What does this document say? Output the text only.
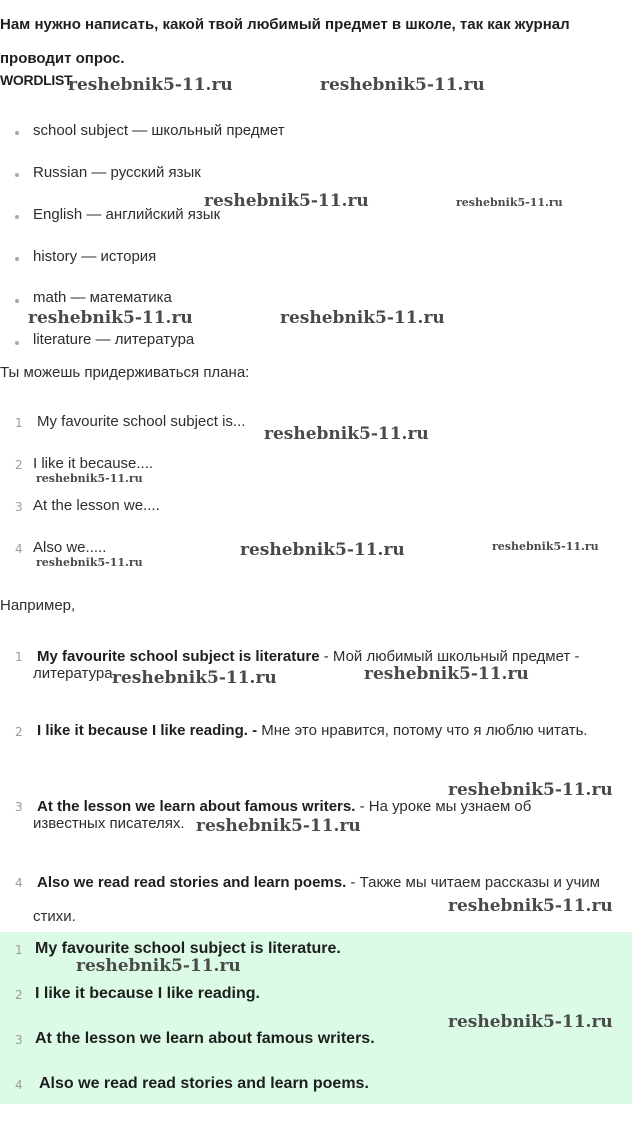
Нам нужно написать, какой твой любимый предмет в школе, так как журнал проводит опрос.
WORDLIST
school subject — школьный предмет
Russian — русский язык
English — английский язык
history — история
math — математика
literature — литература
Ты можешь придерживаться плана:
1 My favourite school subject is...
2 I like it because....
3 At the lesson we....
4 Also we.....
Например,
1 My favourite school subject is literature - Мой любимый школьный предмет - литература.
2 I like it because I like reading. - Мне это нравится, потому что я люблю читать.
3 At the lesson we learn about famous writers. - На уроке мы узнаем об известных писателях.
4 Also we read read stories and learn poems. - Также мы читаем рассказы и учим стихи.
1 My favourite school subject is literature.
2 I like it because I like reading.
3 At the lesson we learn about famous writers.
4 Also we read read stories and learn poems.
reshebnik5-11.ru	reshebnik5-11.ru
reshebnik5-11.ru	reshebnik5-11.ru
reshebnik5-11.ru	reshebnik5-11.ru
reshebnik5-11.ru
reshebnik5-11.ru
reshebnik5-11.ru	reshebnik5-11.ru
reshebnik5-11.ru
reshebnik5-11.ru	reshebnik5-11.ru
reshebnik5-11.ru
reshebnik5-11.ru
reshebnik5-11.ru
reshebnik5-11.ru
reshebnik5-11.ru
